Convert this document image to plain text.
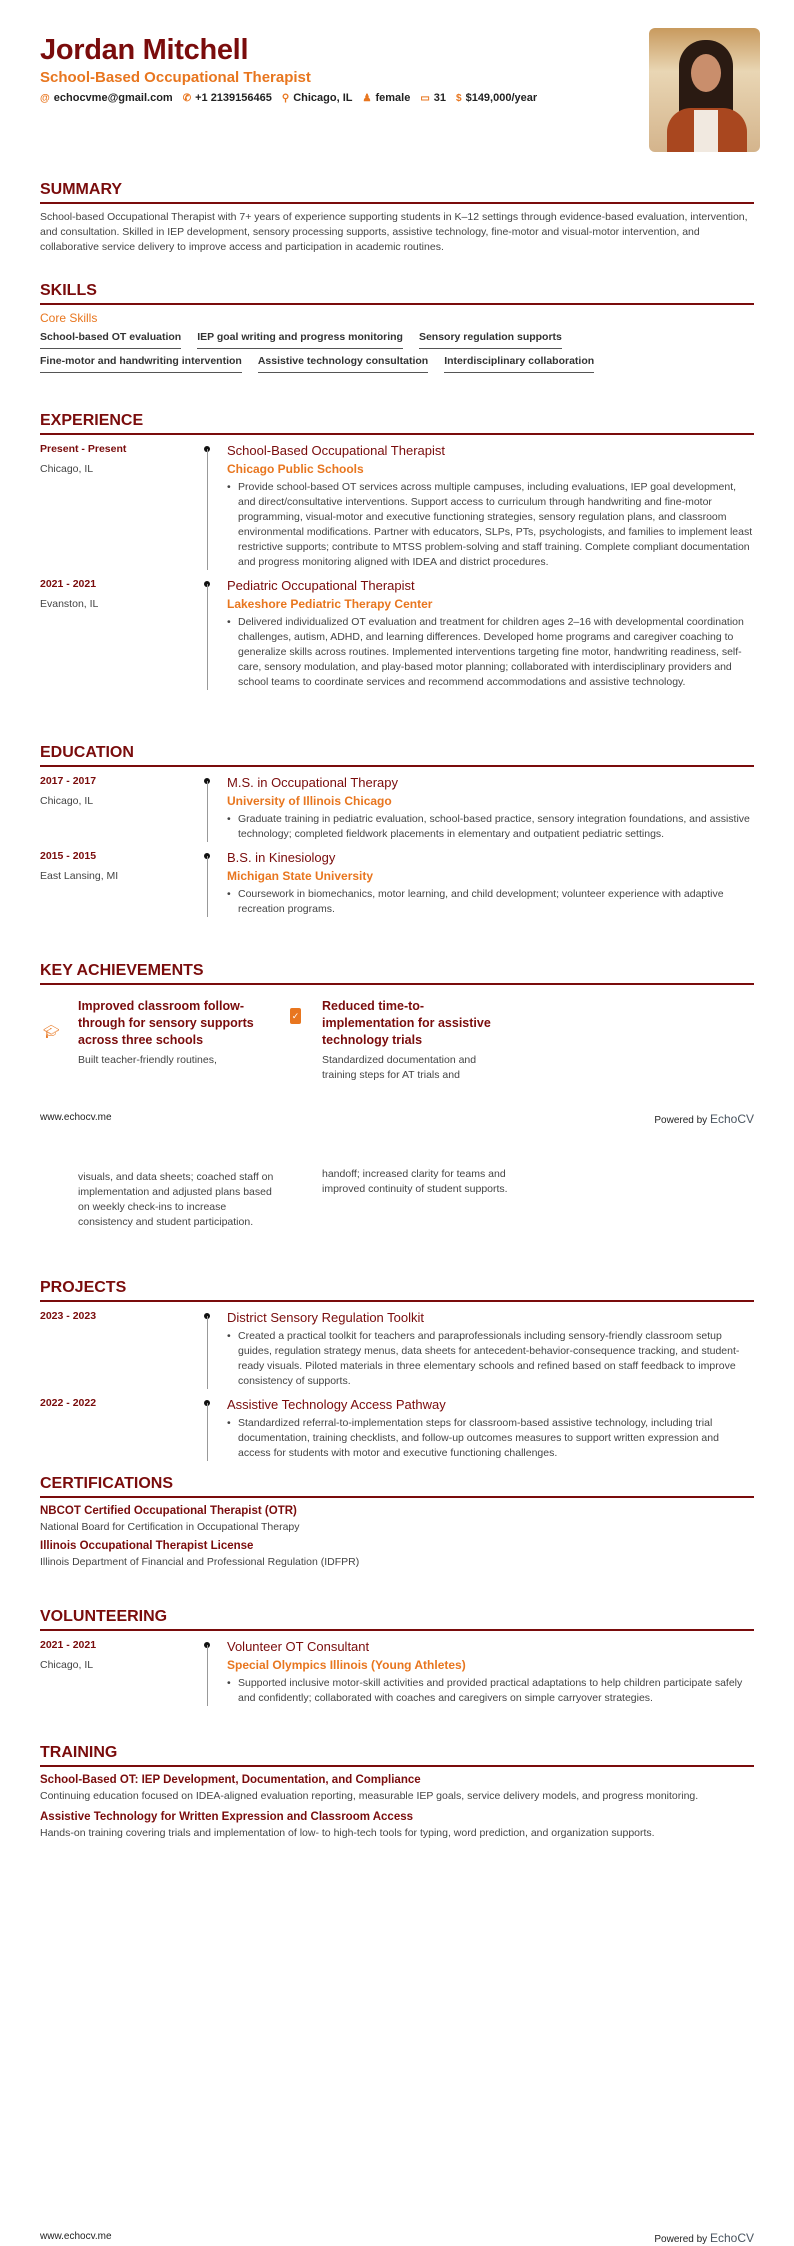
Jordan Mitchell
School-Based Occupational Therapist
@ echocvme@gmail.com ✆ +1 2139156465 ⚲ Chicago, IL ♟ female ▭ 31 $ $149,000/year
SUMMARY
School-based Occupational Therapist with 7+ years of experience supporting students in K–12 settings through evidence-based evaluation, intervention, and consultation. Skilled in IEP development, sensory processing supports, assistive technology, fine-motor and visual-motor intervention, and collaborative service delivery to improve access and participation in academic routines.
SKILLS
Core Skills
School-based OT evaluation IEP goal writing and progress monitoring Sensory regulation supports
Fine-motor and handwriting intervention Assistive technology consultation Interdisciplinary collaboration
EXPERIENCE
Present - Present
Chicago, IL
School-Based Occupational Therapist
Chicago Public Schools
• Provide school-based OT services across multiple campuses, including evaluations, IEP goal development, and direct/consultative interventions. Support access to curriculum through handwriting and fine-motor programming, visual-motor and executive functioning strategies, sensory regulation plans, and classroom environmental modifications. Partner with educators, SLPs, PTs, psychologists, and families to implement least restrictive supports; contribute to MTSS problem-solving and staff training. Complete compliant documentation and progress monitoring aligned with IDEA and district procedures.
2021 - 2021
Evanston, IL
Pediatric Occupational Therapist
Lakeshore Pediatric Therapy Center
• Delivered individualized OT evaluation and treatment for children ages 2–16 with developmental coordination challenges, autism, ADHD, and learning differences. Developed home programs and caregiver coaching to generalize skills across routines. Implemented interventions targeting fine motor, handwriting readiness, self-care, sensory modulation, and play-based motor planning; collaborated with interdisciplinary providers and school teams to coordinate services and recommend accommodations and assistive technology.
EDUCATION
2017 - 2017
Chicago, IL
M.S. in Occupational Therapy
University of Illinois Chicago
• Graduate training in pediatric evaluation, school-based practice, sensory integration foundations, and assistive technology; completed fieldwork placements in elementary and outpatient pediatric settings.
2015 - 2015
East Lansing, MI
B.S. in Kinesiology
Michigan State University
• Coursework in biomechanics, motor learning, and child development; volunteer experience with adaptive recreation programs.
KEY ACHIEVEMENTS
🎓︎
Improved classroom follow-through for sensory supports across three schools
Built teacher-friendly routines,
✓
Reduced time-to-implementation for assistive technology trials
Standardized documentation and training steps for AT trials and
www.echocv.me	Powered by EchoCV
visuals, and data sheets; coached staff on implementation and adjusted plans based on weekly check-ins to increase consistency and student participation.
handoff; increased clarity for teams and improved continuity of student supports.
PROJECTS
2023 - 2023	District Sensory Regulation Toolkit
• Created a practical toolkit for teachers and paraprofessionals including sensory-friendly classroom setup guides, regulation strategy menus, data sheets for antecedent-behavior-consequence tracking, and student-ready visuals. Piloted materials in three elementary schools and refined based on staff feedback to improve consistency of supports.
2022 - 2022	Assistive Technology Access Pathway
• Standardized referral-to-implementation steps for classroom-based assistive technology, including trial documentation, training checklists, and follow-up outcomes measures to support written expression and access for students with motor and executive functioning challenges.
CERTIFICATIONS
NBCOT Certified Occupational Therapist (OTR)
National Board for Certification in Occupational Therapy
Illinois Occupational Therapist License
Illinois Department of Financial and Professional Regulation (IDFPR)
VOLUNTEERING
2021 - 2021
Chicago, IL
Volunteer OT Consultant
Special Olympics Illinois (Young Athletes)
• Supported inclusive motor-skill activities and provided practical adaptations to help children participate safely and confidently; collaborated with coaches and caregivers on simple carryover strategies.
TRAINING
School-Based OT: IEP Development, Documentation, and Compliance
Continuing education focused on IDEA-aligned evaluation reporting, measurable IEP goals, service delivery models, and progress monitoring.
Assistive Technology for Written Expression and Classroom Access
Hands-on training covering trials and implementation of low- to high-tech tools for typing, word prediction, and organization supports.
www.echocv.me	Powered by EchoCV
